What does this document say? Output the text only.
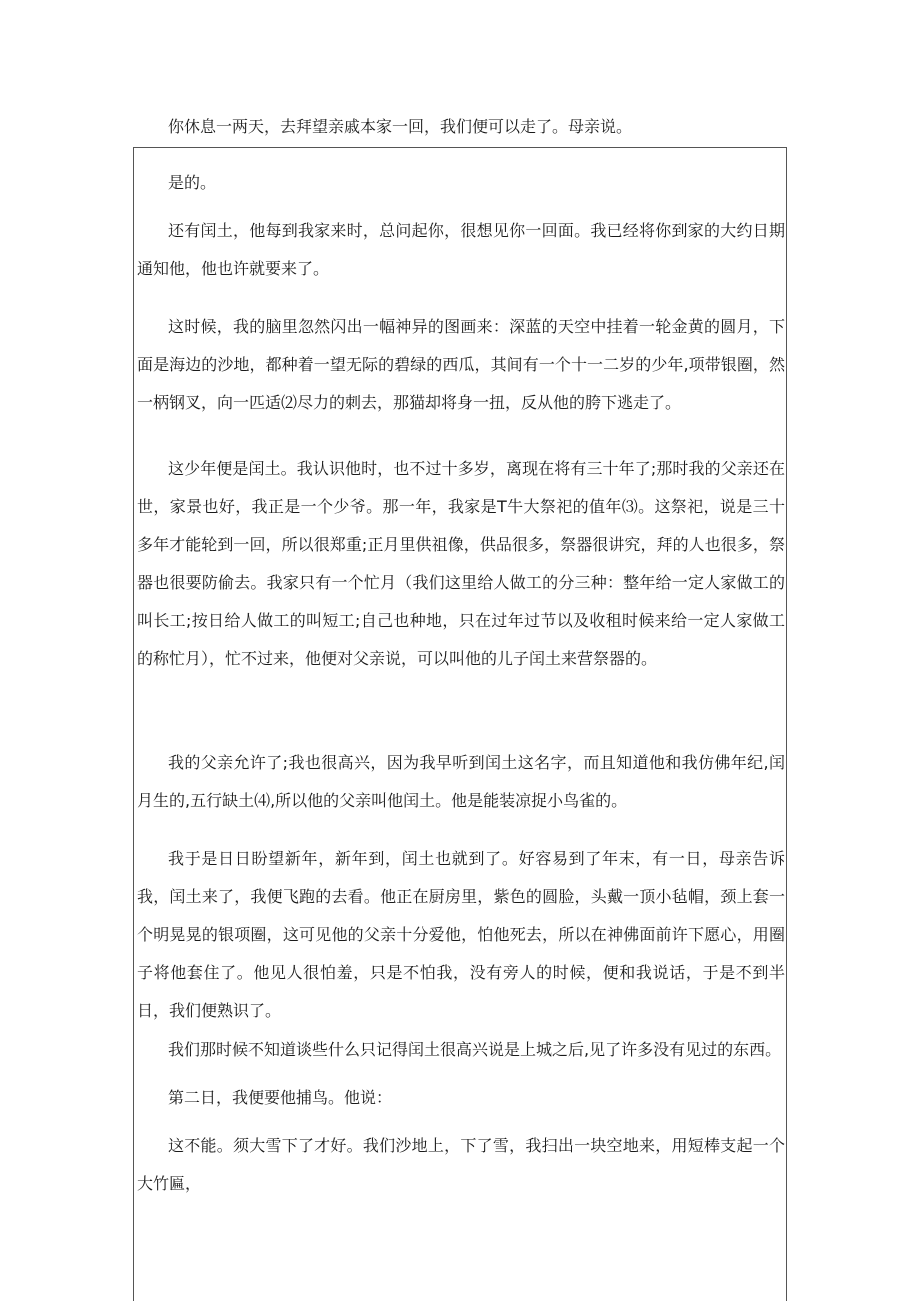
你休息一两天，去拜望亲戚本家一回，我们便可以走了。母亲说。

是的。

还有闰土，他每到我家来时，总问起你，很想见你一回面。我已经将你到家的大约日期通知他，他也许就要来了。

这时候，我的脑里忽然闪出一幅神异的图画来：深蓝的天空中挂着一轮金黄的圆月，下面是海边的沙地，都种着一望无际的碧绿的西瓜，其间有一个十一二岁的少年,项带银圈，然一柄钢叉，向一匹适⑵尽力的刺去，那猫却将身一扭，反从他的胯下逃走了。

这少年便是闰土。我认识他时，也不过十多岁，离现在将有三十年了;那时我的父亲还在世，家景也好，我正是一个少爷。那一年，我家是T牛大祭祀的值年⑶。这祭祀，说是三十多年才能轮到一回，所以很郑重;正月里供祖像，供品很多，祭器很讲究，拜的人也很多，祭器也很要防偷去。我家只有一个忙月（我们这里给人做工的分三种：整年给一定人家做工的叫长工;按日给人做工的叫短工;自己也种地，只在过年过节以及收租时候来给一定人家做工的称忙月），忙不过来，他便对父亲说，可以叫他的儿子闰土来营祭器的。

我的父亲允许了;我也很高兴，因为我早听到闰土这名字，而且知道他和我仿佛年纪,闰月生的,五行缺土⑷,所以他的父亲叫他闰土。他是能装凉捉小鸟雀的。

我于是日日盼望新年，新年到，闰土也就到了。好容易到了年末，有一日，母亲告诉我，闰土来了，我便飞跑的去看。他正在厨房里，紫色的圆脸，头戴一顶小毡帽，颈上套一个明晃晃的银项圈，这可见他的父亲十分爱他，怕他死去，所以在神佛面前许下愿心，用圈子将他套住了。他见人很怕羞，只是不怕我，没有旁人的时候，便和我说话，于是不到半日，我们便熟识了。

我们那时候不知道谈些什么只记得闰土很高兴说是上城之后,见了许多没有见过的东西。

第二日，我便要他捕鸟。他说：

这不能。须大雪下了才好。我们沙地上，下了雪，我扫出一块空地来，用短棒支起一个大竹匾，
